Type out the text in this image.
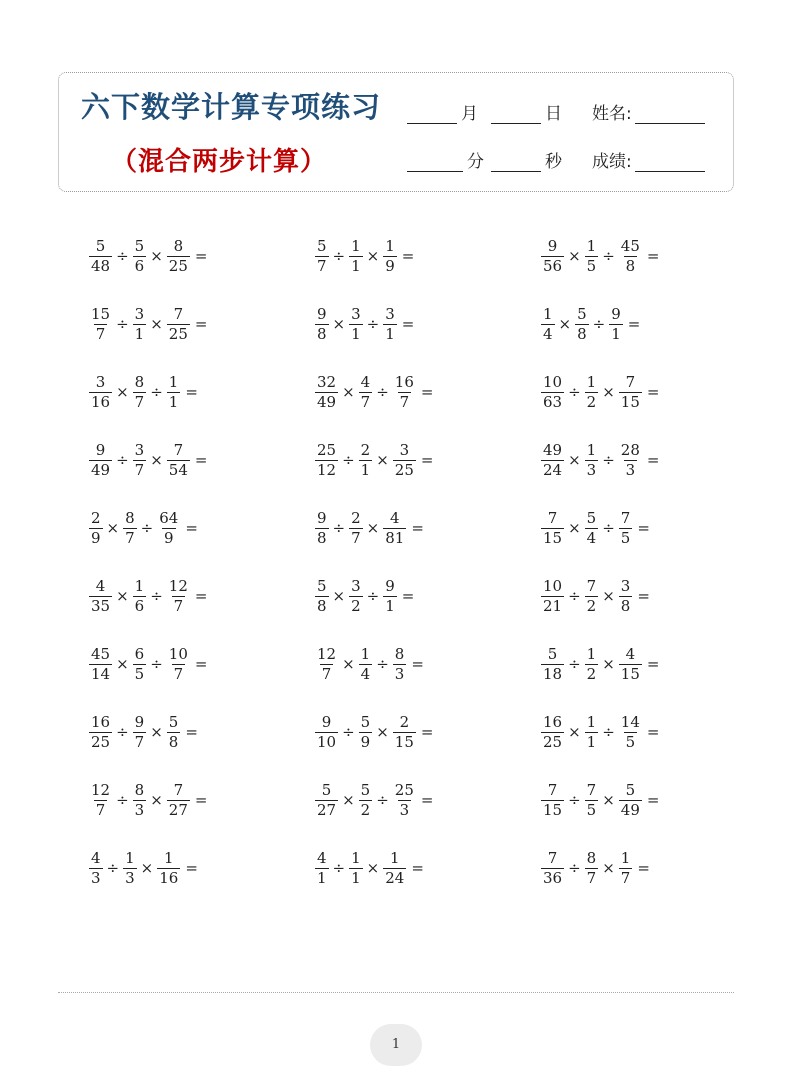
六下数学计算专项练习
（混合两步计算）
月	日 姓名:
分	秒 成绩:
$\frac{5}{48} \div \frac{5}{6} \times \frac{8}{25}$ =	$\frac{5}{7} \div \frac{1}{1} \times \frac{1}{9}$ =	$\frac{9}{56} \times \frac{1}{5} \div \frac{45}{8}$ =
$\frac{15}{7} \div \frac{3}{1} \times \frac{7}{25}$ =	$\frac{9}{8} \times \frac{3}{1} \div \frac{3}{1}$ =	$\frac{1}{4} \times \frac{5}{8} \div \frac{9}{1}$ =
$\frac{3}{16} \times \frac{8}{7} \div \frac{1}{1}$ =	$\frac{32}{49} \times \frac{4}{7} \div \frac{16}{7}$ =	$\frac{10}{63} \div \frac{1}{2} \times \frac{7}{15}$ =
$\frac{9}{49} \div \frac{3}{7} \times \frac{7}{54}$ =	$\frac{25}{12} \div \frac{2}{1} \times \frac{3}{25}$ =	$\frac{49}{24} \times \frac{1}{3} \div \frac{28}{3}$ =
$\frac{2}{9} \times \frac{8}{7} \div \frac{64}{9}$ =	$\frac{9}{8} \div \frac{2}{7} \times \frac{4}{81}$ =	$\frac{7}{15} \times \frac{5}{4} \div \frac{7}{5}$ =
$\frac{4}{35} \times \frac{1}{6} \div \frac{12}{7}$ =	$\frac{5}{8} \times \frac{3}{2} \div \frac{9}{1}$ =	$\frac{10}{21} \div \frac{7}{2} \times \frac{3}{8}$ =
$\frac{45}{14} \times \frac{6}{5} \div \frac{10}{7}$ =	$\frac{12}{7} \times \frac{1}{4} \div \frac{8}{3}$ =	$\frac{5}{18} \div \frac{1}{2} \times \frac{4}{15}$ =
$\frac{16}{25} \div \frac{9}{7} \times \frac{5}{8}$ =	$\frac{9}{10} \div \frac{5}{9} \times \frac{2}{15}$ =	$\frac{16}{25} \times \frac{1}{1} \div \frac{14}{5}$ =
$\frac{12}{7} \div \frac{8}{3} \times \frac{7}{27}$ =	$\frac{5}{27} \times \frac{5}{2} \div \frac{25}{3}$ =	$\frac{7}{15} \div \frac{7}{5} \times \frac{5}{49}$ =
$\frac{4}{3} \div \frac{1}{3} \times \frac{1}{16}$ =	$\frac{4}{1} \div \frac{1}{1} \times \frac{1}{24}$ =	$\frac{7}{36} \div \frac{8}{7} \times \frac{1}{7}$ =
1
